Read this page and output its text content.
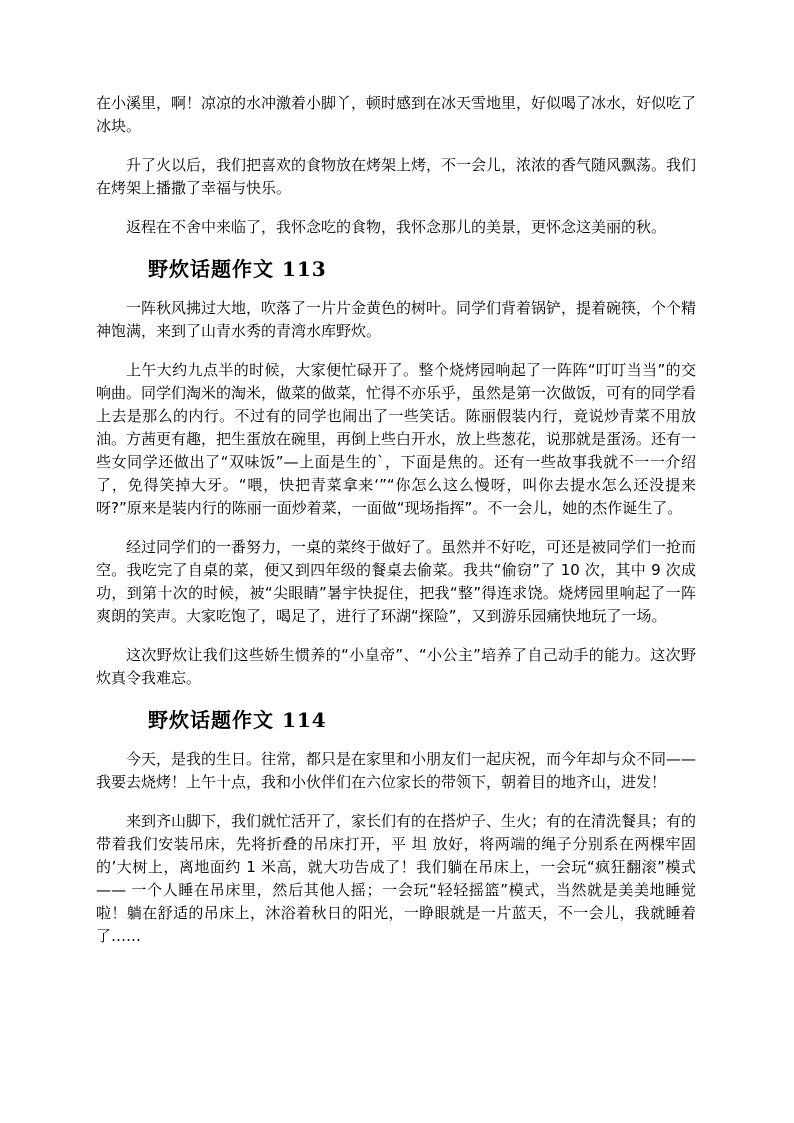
在小溪里，啊！凉凉的水冲激着小脚丫，顿时感到在冰天雪地里，好似喝了冰水，好似吃了冰块。

升了火以后，我们把喜欢的食物放在烤架上烤，不一会儿，浓浓的香气随风飘荡。我们在烤架上播撒了幸福与快乐。

返程在不舍中来临了，我怀念吃的食物，我怀念那儿的美景，更怀念这美丽的秋。

野炊话题作文 113

一阵秋风拂过大地，吹落了一片片金黄色的树叶。同学们背着锅铲，提着碗筷，个个精神饱满，来到了山青水秀的青湾水库野炊。

上午大约九点半的时候，大家便忙碌开了。整个烧烤园响起了一阵阵“叮叮当当”的交响曲。同学们淘米的淘米，做菜的做菜，忙得不亦乐乎，虽然是第一次做饭，可有的同学看上去是那么的内行。不过有的同学也闹出了一些笑话。陈丽假装内行，竟说炒青菜不用放油。方茜更有趣，把生蛋放在碗里，再倒上些白开水，放上些葱花，说那就是蛋汤。还有一些女同学还做出了“双味饭”—上面是生的`，下面是焦的。还有一些故事我就不一一介绍了，免得笑掉大牙。“喂，快把青菜拿来‘”“你怎么这么慢呀，叫你去提水怎么还没提来呀?”原来是装内行的陈丽一面炒着菜，一面做“现场指挥”。不一会儿，她的杰作诞生了。

经过同学们的一番努力，一桌的菜终于做好了。虽然并不好吃，可还是被同学们一抢而空。我吃完了自桌的菜，便又到四年级的餐桌去偷菜。我共“偷窃”了 10 次，其中 9 次成功，到第十次的时候，被“尖眼睛”暑宇快捉住，把我“整”得连求饶。烧烤园里响起了一阵爽朗的笑声。大家吃饱了，喝足了，进行了环湖“探险”，又到游乐园痛快地玩了一场。

这次野炊让我们这些娇生惯养的“小皇帝”、“小公主”培养了自己动手的能力。这次野炊真令我难忘。

野炊话题作文 114

今天，是我的生日。往常，都只是在家里和小朋友们一起庆祝，而今年却与众不同——我要去烧烤！上午十点，我和小伙伴们在六位家长的带领下，朝着目的地齐山，进发！

来到齐山脚下，我们就忙活开了，家长们有的在搭炉子、生火；有的在清洗餐具；有的带着我们安装吊床，先将折叠的吊床打开，平 坦 放好，将两端的绳子分别系在两棵牢固的’大树上，离地面约 1 米高，就大功告成了！我们躺在吊床上，一会玩“疯狂翻滚”模式—— 一个人睡在吊床里，然后其他人摇；一会玩“轻轻摇篮”模式，当然就是美美地睡觉啦！躺在舒适的吊床上，沐浴着秋日的阳光，一睁眼就是一片蓝天，不一会儿，我就睡着了……
